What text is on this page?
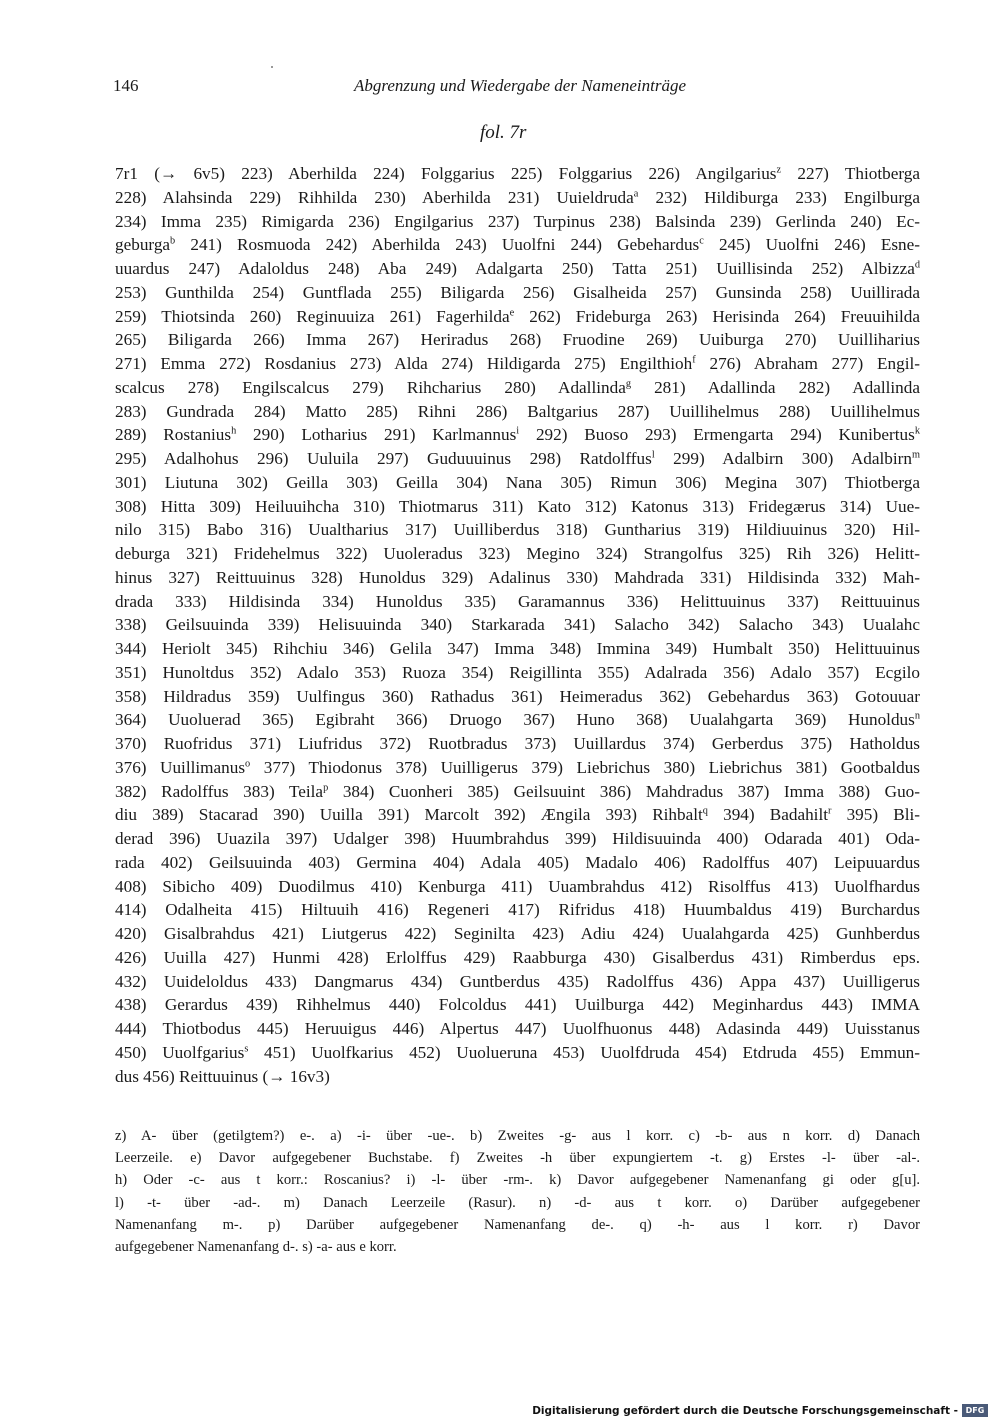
146	Abgrenzung und Wiedergabe der Nameneinträge
fol. 7r
7r1 (→ 6v5) 223) Aberhilda 224) Folggarius 225) Folggarius 226) Angilgarius$^z$ 227) Thiotberga
228) Alahsinda 229) Rihhilda 230) Aberhilda 231) Uuieldruda$^a$ 232) Hildiburga 233) Engilburga
234) Imma 235) Rimigarda 236) Engilgarius 237) Turpinus 238) Balsinda 239) Gerlinda 240) Ec-
geburga$^b$ 241) Rosmuoda 242) Aberhilda 243) Uuolfni 244) Gebehardus$^c$ 245) Uuolfni 246) Esne-
uuardus 247) Adaloldus 248) Aba 249) Adalgarta 250) Tatta 251) Uuillisinda 252) Albizza$^d$
253) Gunthilda 254) Guntflada 255) Biligarda 256) Gisalheida 257) Gunsinda 258) Uuillirada
259) Thiotsinda 260) Reginuuiza 261) Fagerhilda$^e$ 262) Frideburga 263) Herisinda 264) Freuuihilda
265) Biligarda 266) Imma 267) Heriradus 268) Fruodine 269) Uuiburga 270) Uuilliharius
271) Emma 272) Rosdanius 273) Alda 274) Hildigarda 275) Engilthioh$^f$ 276) Abraham 277) Engil-
scalcus 278) Engilscalcus 279) Rihcharius 280) Adallinda$^g$ 281) Adallinda 282) Adallinda
283) Gundrada 284) Matto 285) Rihni 286) Baltgarius 287) Uuillihelmus 288) Uuillihelmus
289) Rostanius$^h$ 290) Lotharius 291) Karlmannus$^i$ 292) Buoso 293) Ermengarta 294) Kunibertus$^k$
295) Adalhohus 296) Uuluila 297) Guduuuinus 298) Ratdolffus$^l$ 299) Adalbirn 300) Adalbirn$^m$
301) Liutuna 302) Geilla 303) Geilla 304) Nana 305) Rimun 306) Megina 307) Thiotberga
308) Hitta 309) Heiluuihcha 310) Thiotmarus 311) Kato 312) Katonus 313) Fridegærus 314) Uue-
nilo 315) Babo 316) Uualtharius 317) Uuilliberdus 318) Guntharius 319) Hildiuuinus 320) Hil-
deburga 321) Fridehelmus 322) Uuoleradus 323) Megino 324) Strangolfus 325) Rih 326) Helitt-
hinus 327) Reittuuinus 328) Hunoldus 329) Adalinus 330) Mahdrada 331) Hildisinda 332) Mah-
drada 333) Hildisinda 334) Hunoldus 335) Garamannus 336) Helittuuinus 337) Reittuuinus
338) Geilsuuinda 339) Helisuuinda 340) Starkarada 341) Salacho 342) Salacho 343) Uualahc
344) Heriolt 345) Rihchiu 346) Gelila 347) Imma 348) Immina 349) Humbalt 350) Helittuuinus
351) Hunoltdus 352) Adalo 353) Ruoza 354) Reigillinta 355) Adalrada 356) Adalo 357) Ecgilo
358) Hildradus 359) Uulfingus 360) Rathadus 361) Heimeradus 362) Gebehardus 363) Gotouuar
364) Uuoluerad 365) Egibraht 366) Druogo 367) Huno 368) Uualahgarta 369) Hunoldus$^n$
370) Ruofridus 371) Liufridus 372) Ruotbradus 373) Uuillardus 374) Gerberdus 375) Hatholdus
376) Uuillimanus$^o$ 377) Thiodonus 378) Uuilligerus 379) Liebrichus 380) Liebrichus 381) Gootbaldus
382) Radolffus 383) Teila$^p$ 384) Cuonheri 385) Geilsuuint 386) Mahdradus 387) Imma 388) Guo-
diu 389) Stacarad 390) Uuilla 391) Marcolt 392) Ængila 393) Rihbalt$^q$ 394) Badahilt$^r$ 395) Bli-
derad 396) Uuazila 397) Udalger 398) Huumbrahdus 399) Hildisuuinda 400) Odarada 401) Oda-
rada 402) Geilsuuinda 403) Germina 404) Adala 405) Madalo 406) Radolffus 407) Leipuuardus
408) Sibicho 409) Duodilmus 410) Kenburga 411) Uuambrahdus 412) Risolffus 413) Uuolfhardus
414) Odalheita 415) Hiltuuih 416) Regeneri 417) Rifridus 418) Huumbaldus 419) Burchardus
420) Gisalbrahdus 421) Liutgerus 422) Seginilta 423) Adiu 424) Uualahgarda 425) Gunhberdus
426) Uuilla 427) Hunmi 428) Erlolffus 429) Raabburga 430) Gisalberdus 431) Rimberdus eps.
432) Uuideloldus 433) Dangmarus 434) Guntberdus 435) Radolffus 436) Appa 437) Uuilligerus
438) Gerardus 439) Rihhelmus 440) Folcoldus 441) Uuilburga 442) Meginhardus 443) IMMA
444) Thiotbodus 445) Heruuigus 446) Alpertus 447) Uuolfhuonus 448) Adasinda 449) Uuisstanus
450) Uuolfgarius$^s$ 451) Uuolfkarius 452) Uuolueruna 453) Uuolfdruda 454) Etdruda 455) Emmun-
dus 456) Reittuuinus (→ 16v3)
z) A- über (getilgtem?) e-. a) -i- über -ue-. b) Zweites -g- aus l korr. c) -b- aus n korr. d) Danach
Leerzeile. e) Davor aufgegebener Buchstabe. f) Zweites -h über expungiertem -t. g) Erstes -l- über -al-.
h) Oder -c- aus t korr.: Roscanius? i) -l- über -rm-. k) Davor aufgegebener Namenanfang gi oder g[u].
l) -t- über -ad-. m) Danach Leerzeile (Rasur). n) -d- aus t korr. o) Darüber aufgegebener
Namenanfang m-. p) Darüber aufgegebener Namenanfang de-. q) -h- aus l korr. r) Davor
aufgegebener Namenanfang d-. s) -a- aus e korr.
Digitalisierung gefördert durch die Deutsche Forschungsgemeinschaft - DFG
